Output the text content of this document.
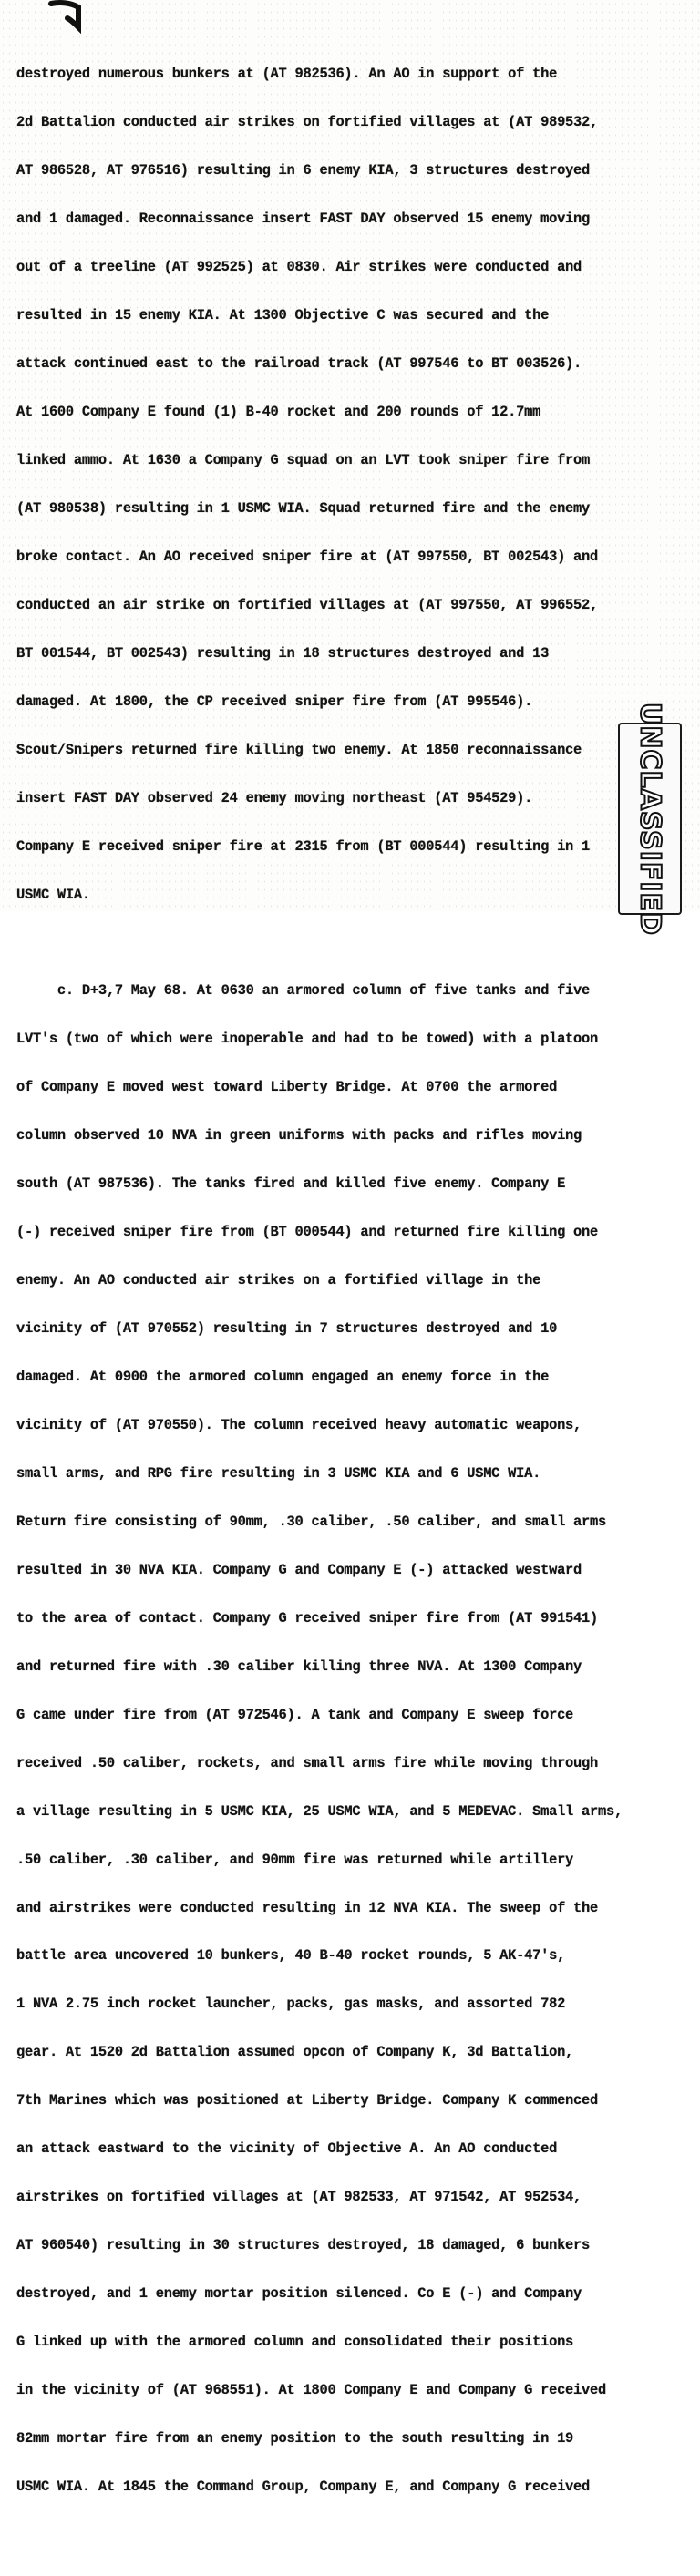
destroyed numerous bunkers at (AT 982536). An AO in support of the

2d Battalion conducted air strikes on fortified villages at (AT 989532,

AT 986528, AT 976516) resulting in 6 enemy KIA, 3 structures destroyed

and 1 damaged. Reconnaissance insert FAST DAY observed 15 enemy moving

out of a treeline (AT 992525) at 0830. Air strikes were conducted and

resulted in 15 enemy KIA. At 1300 Objective C was secured and the

attack continued east to the railroad track (AT 997546 to BT 003526).

At 1600 Company E found (1) B-40 rocket and 200 rounds of 12.7mm

linked ammo. At 1630 a Company G squad on an LVT took sniper fire from

(AT 980538) resulting in 1 USMC WIA. Squad returned fire and the enemy

broke contact. An AO received sniper fire at (AT 997550, BT 002543) and

conducted an air strike on fortified villages at (AT 997550, AT 996552,

BT 001544, BT 002543) resulting in 18 structures destroyed and 13

damaged. At 1800, the CP received sniper fire from (AT 995546).

Scout/Snipers returned fire killing two enemy. At 1850 reconnaissance

insert FAST DAY observed 24 enemy moving northeast (AT 954529).

Company E received sniper fire at 2315 from (BT 000544) resulting in 1

USMC WIA.

c. D+3,7 May 68. At 0630 an armored column of five tanks and five

LVT's (two of which were inoperable and had to be towed) with a platoon

of Company E moved west toward Liberty Bridge. At 0700 the armored

column observed 10 NVA in green uniforms with packs and rifles moving

south (AT 987536). The tanks fired and killed five enemy. Company E

(-) received sniper fire from (BT 000544) and returned fire killing one

enemy. An AO conducted air strikes on a fortified village in the

vicinity of (AT 970552) resulting in 7 structures destroyed and 10

damaged. At 0900 the armored column engaged an enemy force in the

vicinity of (AT 970550). The column received heavy automatic weapons,

small arms, and RPG fire resulting in 3 USMC KIA and 6 USMC WIA.

Return fire consisting of 90mm, .30 caliber, .50 caliber, and small arms

resulted in 30 NVA KIA. Company G and Company E (-) attacked westward

to the area of contact. Company G received sniper fire from (AT 991541)

and returned fire with .30 caliber killing three NVA. At 1300 Company

G came under fire from (AT 972546). A tank and Company E sweep force

received .50 caliber, rockets, and small arms fire while moving through

a village resulting in 5 USMC KIA, 25 USMC WIA, and 5 MEDEVAC. Small arms,

.50 caliber, .30 caliber, and 90mm fire was returned while artillery

and airstrikes were conducted resulting in 12 NVA KIA. The sweep of the

battle area uncovered 10 bunkers, 40 B-40 rocket rounds, 5 AK-47's,

1 NVA 2.75 inch rocket launcher, packs, gas masks, and assorted 782

gear. At 1520 2d Battalion assumed opcon of Company K, 3d Battalion,

7th Marines which was positioned at Liberty Bridge. Company K commenced

an attack eastward to the vicinity of Objective A. An AO conducted

airstrikes on fortified villages at (AT 982533, AT 971542, AT 952534,

AT 960540) resulting in 30 structures destroyed, 18 damaged, 6 bunkers

destroyed, and 1 enemy mortar position silenced. Co E (-) and Company

G linked up with the armored column and consolidated their positions

in the vicinity of (AT 968551). At 1800 Company E and Company G received

82mm mortar fire from an enemy position to the south resulting in 19

USMC WIA. At 1845 the Command Group, Company E, and Company G received

UNCLASSIFIED
